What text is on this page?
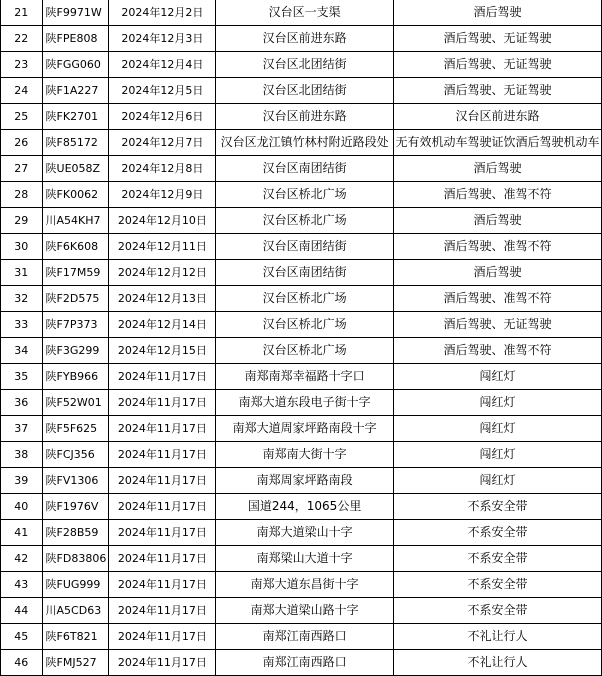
21	陕F9971W	2024年12月2日	汉台区一支渠	酒后驾驶
22	陕FPE808	2024年12月3日	汉台区前进东路	酒后驾驶、无证驾驶
23	陕FGG060	2024年12月4日	汉台区北团结街	酒后驾驶、无证驾驶
24	陕F1A227	2024年12月5日	汉台区北团结街	酒后驾驶、无证驾驶
25	陕FK2701	2024年12月6日	汉台区前进东路	汉台区前进东路
26	陕F85172	2024年12月7日	汉台区龙江镇竹林村附近路段处	无有效机动车驾驶证饮酒后驾驶机动车
27	陕UE058Z	2024年12月8日	汉台区南团结街	酒后驾驶
28	陕FK0062	2024年12月9日	汉台区桥北广场	酒后驾驶、准驾不符
29	川A54KH7	2024年12月10日	汉台区桥北广场	酒后驾驶
30	陕F6K608	2024年12月11日	汉台区南团结街	酒后驾驶、准驾不符
31	陕F17M59	2024年12月12日	汉台区南团结街	酒后驾驶
32	陕F2D575	2024年12月13日	汉台区桥北广场	酒后驾驶、准驾不符
33	陕F7P373	2024年12月14日	汉台区桥北广场	酒后驾驶、无证驾驶
34	陕F3G299	2024年12月15日	汉台区桥北广场	酒后驾驶、准驾不符
35	陕FYB966	2024年11月17日	南郑南郑幸福路十字口	闯红灯
36	陕F52W01	2024年11月17日	南郑大道东段电子街十字	闯红灯
37	陕F5F625	2024年11月17日	南郑大道周家坪路南段十字	闯红灯
38	陕FCJ356	2024年11月17日	南郑南大街十字	闯红灯
39	陕FV1306	2024年11月17日	南郑周家坪路南段	闯红灯
40	陕F1976V	2024年11月17日	国道244，1065公里	不系安全带
41	陕F28B59	2024年11月17日	南郑大道梁山十字	不系安全带
42	陕FD83806	2024年11月17日	南郑梁山大道十字	不系安全带
43	陕FUG999	2024年11月17日	南郑大道东昌街十字	不系安全带
44	川A5CD63	2024年11月17日	南郑大道梁山路十字	不系安全带
45	陕F6T821	2024年11月17日	南郑江南西路口	不礼让行人
46	陕FMJ527	2024年11月17日	南郑江南西路口	不礼让行人
